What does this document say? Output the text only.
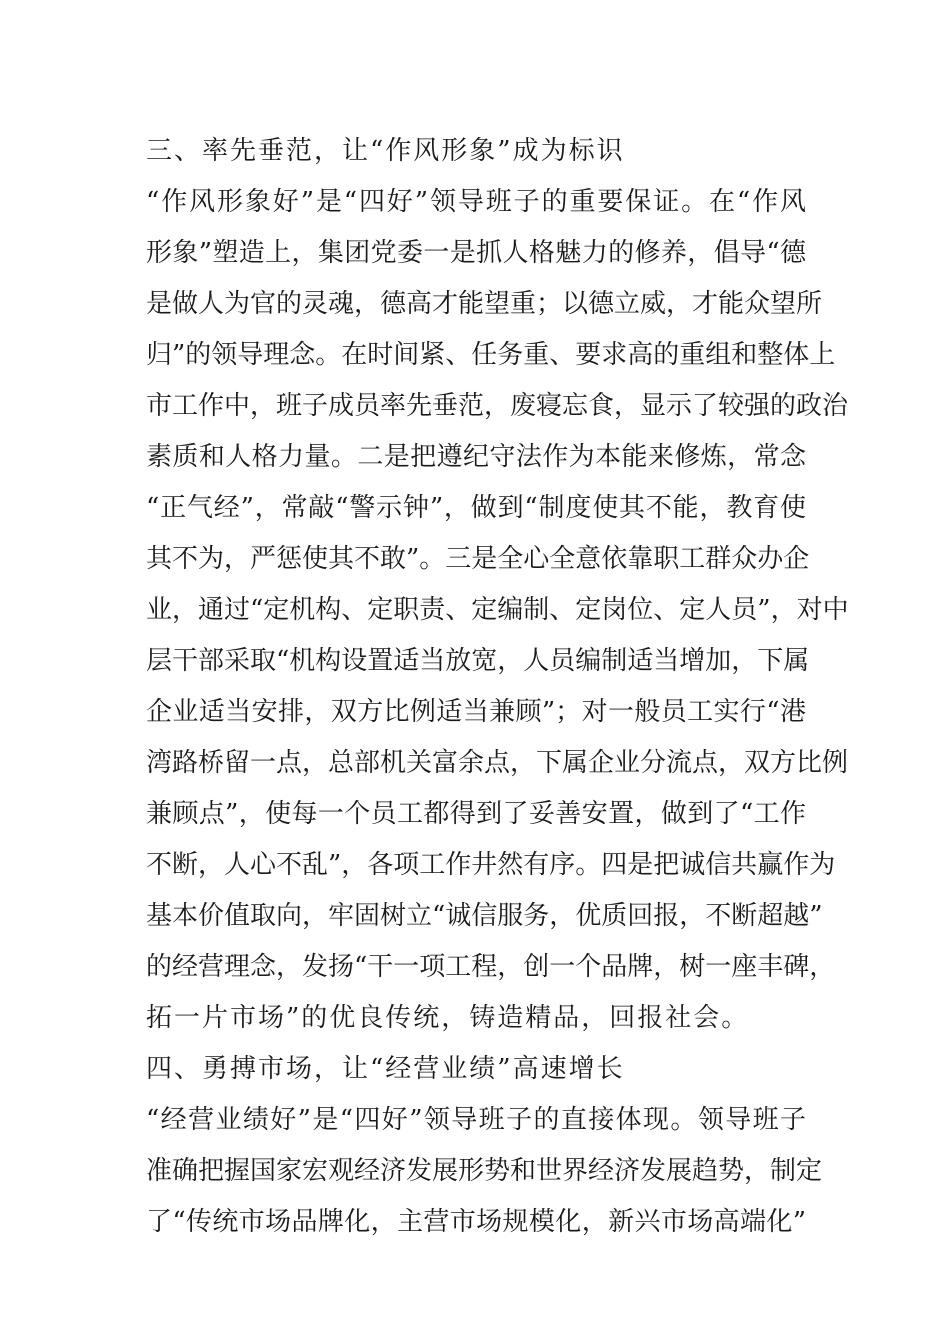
三、率先垂范，让“作风形象”成为标识
“作风形象好”是“四好”领导班子的重要保证。在“作风
形象”塑造上，集团党委一是抓人格魅力的修养，倡导“德
是做人为官的灵魂，德高才能望重；以德立威，才能众望所
归”的领导理念。在时间紧、任务重、要求高的重组和整体上
市工作中，班子成员率先垂范，废寝忘食，显示了较强的政治
素质和人格力量。二是把遵纪守法作为本能来修炼，常念
“正气经”，常敲“警示钟”，做到“制度使其不能，教育使
其不为，严惩使其不敢”。三是全心全意依靠职工群众办企
业，通过“定机构、定职责、定编制、定岗位、定人员”，对中
层干部采取“机构设置适当放宽，人员编制适当增加，下属
企业适当安排，双方比例适当兼顾”；对一般员工实行“港
湾路桥留一点，总部机关富余点，下属企业分流点，双方比例
兼顾点”，使每一个员工都得到了妥善安置，做到了“工作
不断，人心不乱”，各项工作井然有序。四是把诚信共赢作为
基本价值取向，牢固树立“诚信服务，优质回报，不断超越”
的经营理念，发扬“干一项工程，创一个品牌，树一座丰碑，
拓一片市场”的优良传统，铸造精品，回报社会。
四、勇搏市场，让“经营业绩”高速增长
“经营业绩好”是“四好”领导班子的直接体现。领导班子
准确把握国家宏观经济发展形势和世界经济发展趋势，制定
了“传统市场品牌化，主营市场规模化，新兴市场高端化”
